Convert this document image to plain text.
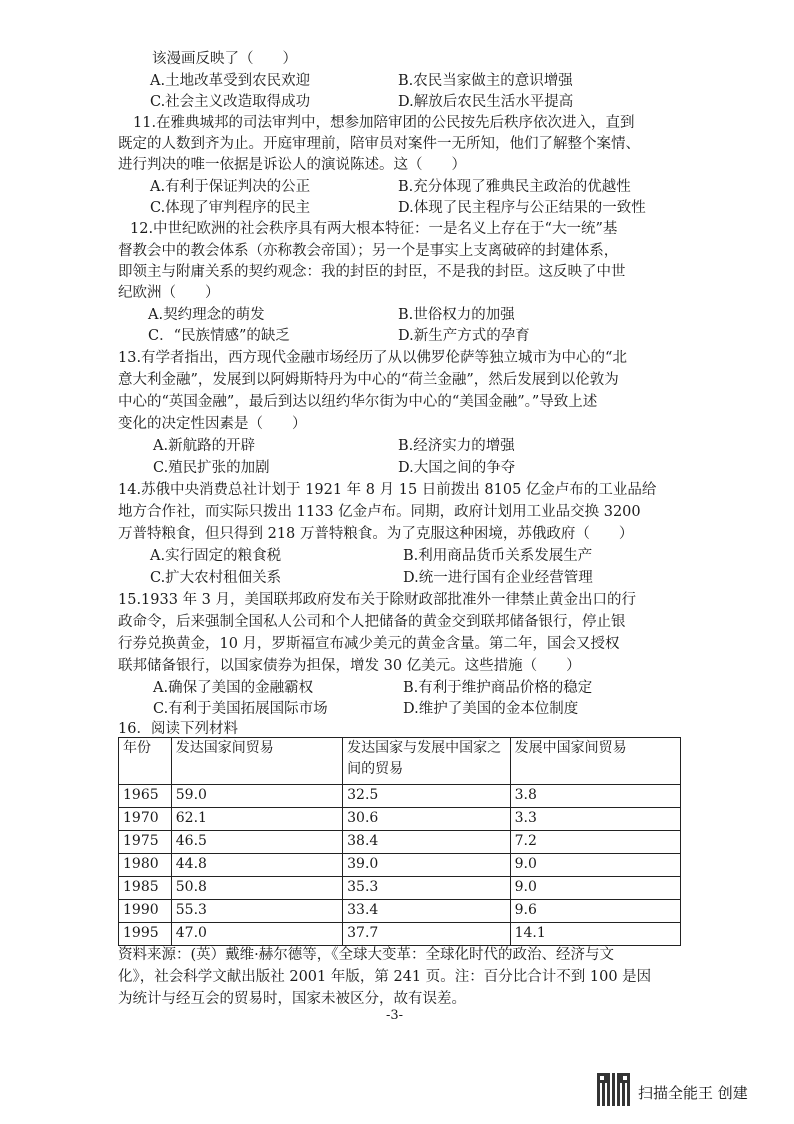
该漫画反映了（　　）
A.土地改革受到农民欢迎
C.社会主义改造取得成功
11.在雅典城邦的司法审判中，想参加陪审团的公民按先后秩序依次进入，直到
既定的人数到齐为止。开庭审理前，陪审员对案件一无所知，他们了解整个案情、
进行判决的唯一依据是诉讼人的演说陈述。这（　　）
A.有利于保证判决的公正
C.体现了审判程序的民主
12.中世纪欧洲的社会秩序具有两大根本特征：一是名义上存在于“大一统”基
督教会中的教会体系（亦称教会帝国）；另一个是事实上支离破碎的封建体系，
即领主与附庸关系的契约观念：我的封臣的封臣，不是我的封臣。这反映了中世
纪欧洲（　　）
A.契约理念的萌发
C．“民族情感”的缺乏
13.有学者指出，西方现代金融市场经历了从以佛罗伦萨等独立城市为中心的“北
意大利金融”，发展到以阿姆斯特丹为中心的“荷兰金融”，然后发展到以伦敦为
中心的“英国金融”，最后到达以纽约华尔街为中心的“美国金融”。”导致上述
变化的决定性因素是（　　）
A.新航路的开辟
C.殖民扩张的加剧
14.苏俄中央消费总社计划于 1921 年 8 月 15 日前拨出 8105 亿金卢布的工业品给
地方合作社，而实际只拨出 1133 亿金卢布。同期，政府计划用工业品交换 3200
万普特粮食，但只得到 218 万普特粮食。为了克服这种困境，苏俄政府（　　）
A.实行固定的粮食税
C.扩大农村租佃关系
15.1933 年 3 月，美国联邦政府发布关于除财政部批准外一律禁止黄金出口的行
政命令，后来强制全国私人公司和个人把储备的黄金交到联邦储备银行，停止银
行券兑换黄金，10 月，罗斯福宣布减少美元的黄金含量。第二年，国会又授权
联邦储备银行，以国家债券为担保，增发 30 亿美元。这些措施（　　）
A.确保了美国的金融霸权
C.有利于美国拓展国际市场
16．阅读下列材料
资料来源：(英）戴维·赫尔德等，《全球大变革：全球化时代的政治、经济与文
化》，社会科学文献出版社 2001 年版，第 241 页。注：百分比合计不到 100 是因
为统计与经互会的贸易时，国家未被区分，故有误差。
B.农民当家做主的意识增强
D.解放后农民生活水平提高
B.充分体现了雅典民主政治的优越性
D.体现了民主程序与公正结果的一致性
B.世俗权力的加强
D.新生产方式的孕育
B.经济实力的增强
D.大国之间的争夺
B.利用商品货币关系发展生产
D.统一进行国有企业经营管理
B.有利于维护商品价格的稳定
D.维护了美国的金本位制度
年份	发达国家间贸易	发达国家与发展中国家之间的贸易	发展中国家间贸易
1965	59.0	32.5	3.8
1970	62.1	30.6	3.3
1975	46.5	38.4	7.2
1980	44.8	39.0	9.0
1985	50.8	35.3	9.0
1990	55.3	33.4	9.6
1995	47.0	37.7	14.1
-3-
扫描全能王 创建
